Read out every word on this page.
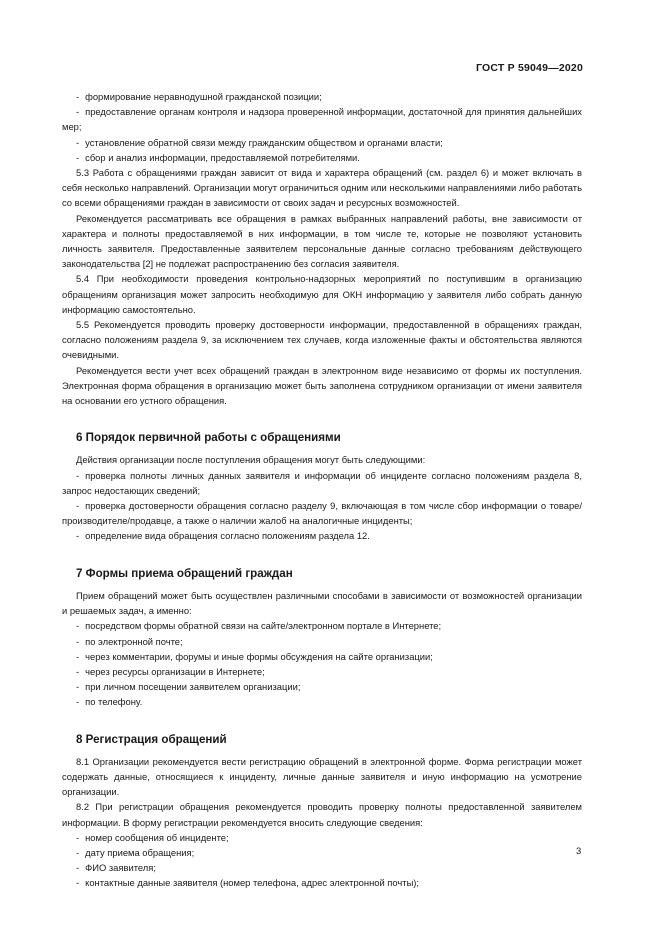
ГОСТ Р 59049—2020

- формирование неравнодушной гражданской позиции;

- предоставление органам контроля и надзора проверенной информации, достаточной для принятия дальнейших мер;

- установление обратной связи между гражданским обществом и органами власти;

- сбор и анализ информации, предоставляемой потребителями.

5.3 Работа с обращениями граждан зависит от вида и характера обращений (см. раздел 6) и может включать в себя несколько направлений. Организации могут ограничиться одним или несколькими направлениями либо работать со всеми обращениями граждан в зависимости от своих задач и ресурсных возможностей.

Рекомендуется рассматривать все обращения в рамках выбранных направлений работы, вне зависимости от характера и полноты предоставляемой в них информации, в том числе те, которые не позволяют установить личность заявителя. Предоставленные заявителем персональные данные согласно требованиям действующего законодательства [2] не подлежат распространению без согласия заявителя.

5.4 При необходимости проведения контрольно-надзорных мероприятий по поступившим в организацию обращениям организация может запросить необходимую для ОКН информацию у заявителя либо собрать данную информацию самостоятельно.

5.5 Рекомендуется проводить проверку достоверности информации, предоставленной в обращениях граждан, согласно положениям раздела 9, за исключением тех случаев, когда изложенные факты и обстоятельства являются очевидными.

Рекомендуется вести учет всех обращений граждан в электронном виде независимо от формы их поступления. Электронная форма обращения в организацию может быть заполнена сотрудником организации от имени заявителя на основании его устного обращения.

6 Порядок первичной работы с обращениями

Действия организации после поступления обращения могут быть следующими:

- проверка полноты личных данных заявителя и информации об инциденте согласно положениям раздела 8, запрос недостающих сведений;

- проверка достоверности обращения согласно разделу 9, включающая в том числе сбор информации о товаре/производителе/продавце, а также о наличии жалоб на аналогичные инциденты;

- определение вида обращения согласно положениям раздела 12.

7 Формы приема обращений граждан

Прием обращений может быть осуществлен различными способами в зависимости от возможностей организации и решаемых задач, а именно:

- посредством формы обратной связи на сайте/электронном портале в Интернете;

- по электронной почте;

- через комментарии, форумы и иные формы обсуждения на сайте организации;

- через ресурсы организации в Интернете;

- при личном посещении заявителем организации;

- по телефону.

8 Регистрация обращений

8.1 Организации рекомендуется вести регистрацию обращений в электронной форме. Форма регистрации может содержать данные, относящиеся к инциденту, личные данные заявителя и иную информацию на усмотрение организации.

8.2 При регистрации обращения рекомендуется проводить проверку полноты предоставленной заявителем информации. В форму регистрации рекомендуется вносить следующие сведения:

- номер сообщения об инциденте;

- дату приема обращения;

- ФИО заявителя;

- контактные данные заявителя (номер телефона, адрес электронной почты);

3
